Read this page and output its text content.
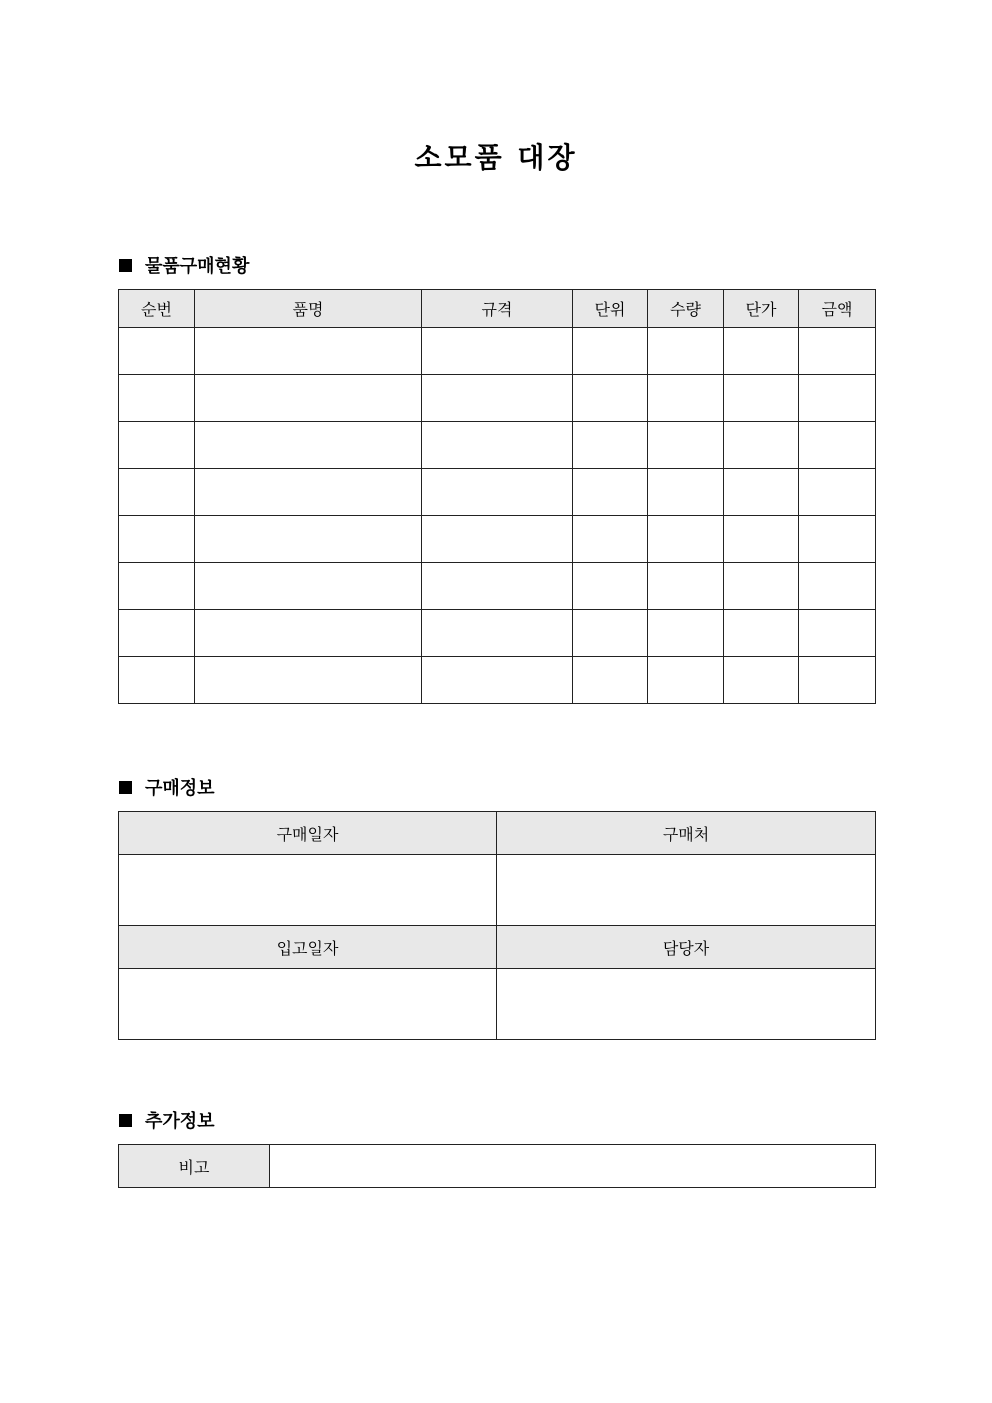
소모품 대장
물품구매현황
순번	품명	규격	단위	수량	단가	금액

구매정보
구매일자	구매처

입고일자	담당자

추가정보
비고	
